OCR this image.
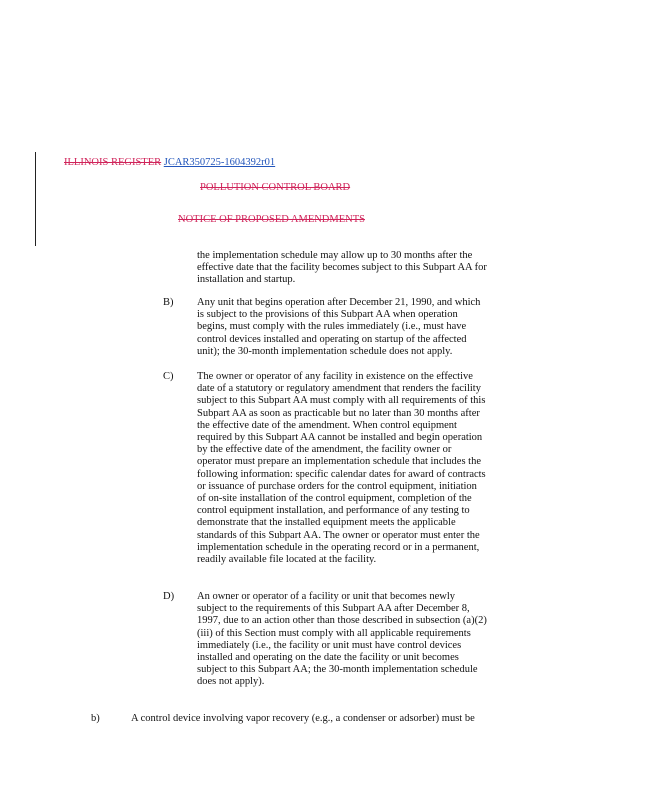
ILLINOIS REGISTER JCAR350725-1604392r01
POLLUTION CONTROL BOARD
NOTICE OF PROPOSED AMENDMENTS
the implementation schedule may allow up to 30 months after the effective date that the facility becomes subject to this Subpart AA for installation and startup.
B) Any unit that begins operation after December 21, 1990, and which is subject to the provisions of this Subpart AA when operation begins, must comply with the rules immediately (i.e., must have control devices installed and operating on startup of the affected unit); the 30-month implementation schedule does not apply.
C) The owner or operator of any facility in existence on the effective date of a statutory or regulatory amendment that renders the facility subject to this Subpart AA must comply with all requirements of this Subpart AA as soon as practicable but no later than 30 months after the effective date of the amendment. When control equipment required by this Subpart AA cannot be installed and begin operation by the effective date of the amendment, the facility owner or operator must prepare an implementation schedule that includes the following information: specific calendar dates for award of contracts or issuance of purchase orders for the control equipment, initiation of on-site installation of the control equipment, completion of the control equipment installation, and performance of any testing to demonstrate that the installed equipment meets the applicable standards of this Subpart AA. The owner or operator must enter the implementation schedule in the operating record or in a permanent, readily available file located at the facility.
D) An owner or operator of a facility or unit that becomes newly subject to the requirements of this Subpart AA after December 8, 1997, due to an action other than those described in subsection (a)(2)(iii) of this Section must comply with all applicable requirements immediately (i.e., the facility or unit must have control devices installed and operating on the date the facility or unit becomes subject to this Subpart AA; the 30-month implementation schedule does not apply).
b)	A control device involving vapor recovery (e.g., a condenser or adsorber) must be
